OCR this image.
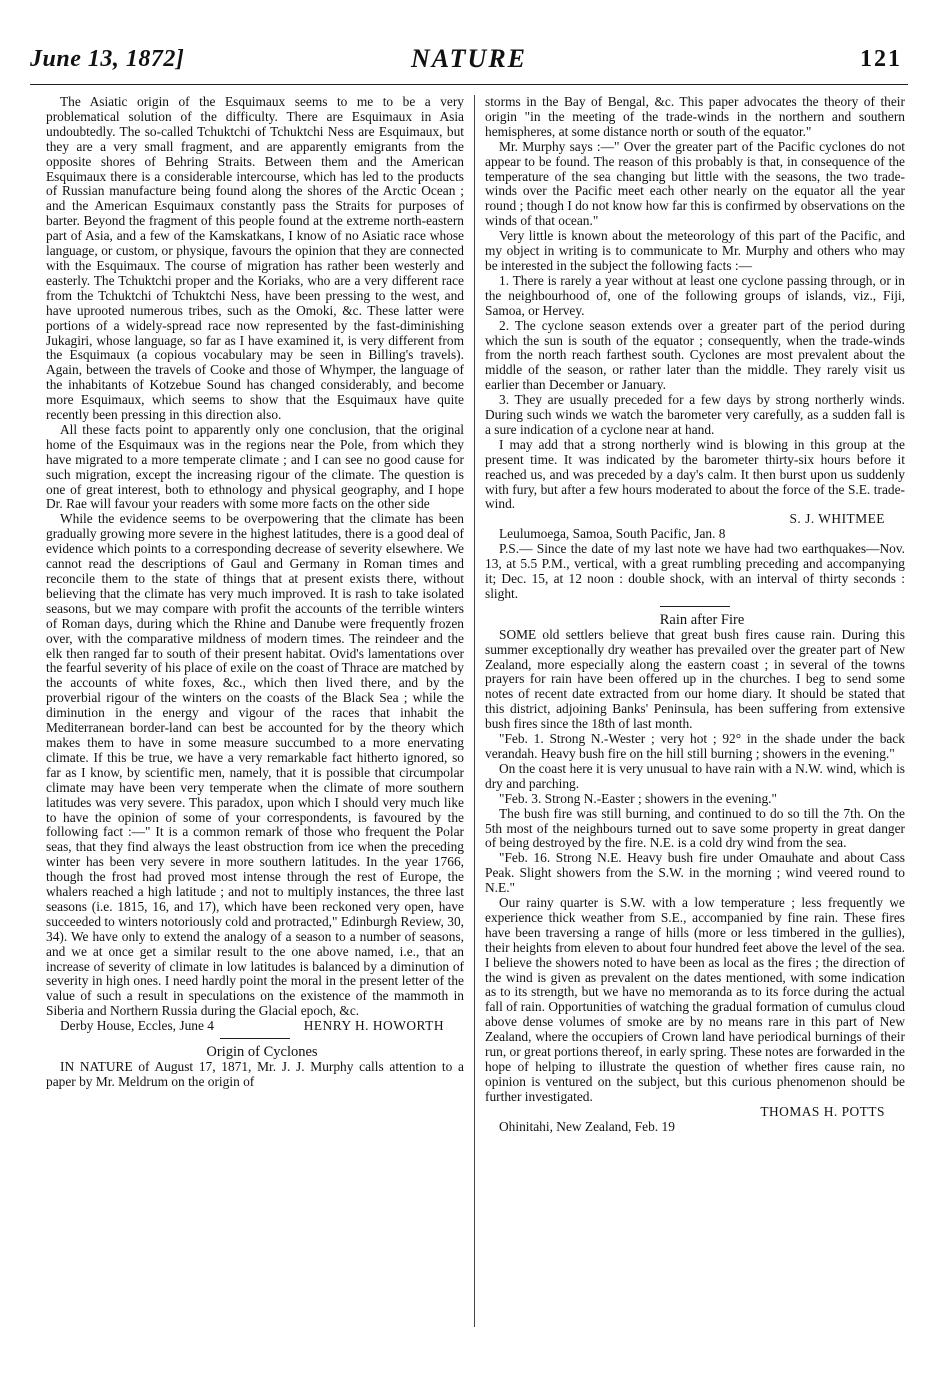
June 13, 1872]	NATURE	121

The Asiatic origin of the Esquimaux seems to me to be a very problematical solution of the difficulty. There are Esquimaux in Asia undoubtedly. The so-called Tchuktchi of Tchuktchi Ness are Esquimaux, but they are a very small fragment, and are apparently emigrants from the opposite shores of Behring Straits. Between them and the American Esquimaux there is a considerable intercourse, which has led to the products of Russian manufacture being found along the shores of the Arctic Ocean ; and the American Esquimaux constantly pass the Straits for purposes of barter. Beyond the fragment of this people found at the extreme north-eastern part of Asia, and a few of the Kamskatkans, I know of no Asiatic race whose language, or custom, or physique, favours the opinion that they are connected with the Esquimaux. The course of migration has rather been westerly and easterly. The Tchuktchi proper and the Koriaks, who are a very different race from the Tchuktchi of Tchuktchi Ness, have been pressing to the west, and have uprooted numerous tribes, such as the Omoki, &c. These latter were portions of a widely-spread race now represented by the fast-diminishing Jukagiri, whose language, so far as I have examined it, is very different from the Esquimaux (a copious vocabulary may be seen in Billing's travels). Again, between the travels of Cooke and those of Whymper, the language of the inhabitants of Kotzebue Sound has changed considerably, and become more Esquimaux, which seems to show that the Esquimaux have quite recently been pressing in this direction also.

All these facts point to apparently only one conclusion, that the original home of the Esquimaux was in the regions near the Pole, from which they have migrated to a more temperate climate ; and I can see no good cause for such migration, except the increasing rigour of the climate. The question is one of great interest, both to ethnology and physical geography, and I hope Dr. Rae will favour your readers with some more facts on the other side

While the evidence seems to be overpowering that the climate has been gradually growing more severe in the highest latitudes, there is a good deal of evidence which points to a corresponding decrease of severity elsewhere. We cannot read the descriptions of Gaul and Germany in Roman times and reconcile them to the state of things that at present exists there, without believing that the climate has very much improved. It is rash to take isolated seasons, but we may compare with profit the accounts of the terrible winters of Roman days, during which the Rhine and Danube were frequently frozen over, with the comparative mildness of modern times. The reindeer and the elk then ranged far to south of their present habitat. Ovid's lamentations over the fearful severity of his place of exile on the coast of Thrace are matched by the accounts of white foxes, &c., which then lived there, and by the proverbial rigour of the winters on the coasts of the Black Sea ; while the diminution in the energy and vigour of the races that inhabit the Mediterranean border-land can best be accounted for by the theory which makes them to have in some measure succumbed to a more enervating climate. If this be true, we have a very remarkable fact hitherto ignored, so far as I know, by scientific men, namely, that it is possible that circumpolar climate may have been very temperate when the climate of more southern latitudes was very severe. This paradox, upon which I should very much like to have the opinion of some of your correspondents, is favoured by the following fact :—" It is a common remark of those who frequent the Polar seas, that they find always the least obstruction from ice when the preceding winter has been very severe in more southern latitudes. In the year 1766, though the frost had proved most intense through the rest of Europe, the whalers reached a high latitude ; and not to multiply instances, the three last seasons (i.e. 1815, 16, and 17), which have been reckoned very open, have succeeded to winters notoriously cold and protracted," Edinburgh Review, 30, 34). We have only to extend the analogy of a season to a number of seasons, and we at once get a similar result to the one above named, i.e., that an increase of severity of climate in low latitudes is balanced by a diminution of severity in high ones. I need hardly point the moral in the present letter of the value of such a result in speculations on the existence of the mammoth in Siberia and Northern Russia during the Glacial epoch, &c.

Derby House, Eccles, June 4	HENRY H. HOWORTH

Origin of Cyclones

IN NATURE of August 17, 1871, Mr. J. J. Murphy calls attention to a paper by Mr. Meldrum on the origin of

storms in the Bay of Bengal, &c. This paper advocates the theory of their origin "in the meeting of the trade-winds in the northern and southern hemispheres, at some distance north or south of the equator."

Mr. Murphy says :—" Over the greater part of the Pacific cyclones do not appear to be found. The reason of this probably is that, in consequence of the temperature of the sea changing but little with the seasons, the two trade-winds over the Pacific meet each other nearly on the equator all the year round ; though I do not know how far this is confirmed by observations on the winds of that ocean."

Very little is known about the meteorology of this part of the Pacific, and my object in writing is to communicate to Mr. Murphy and others who may be interested in the subject the following facts :—

1. There is rarely a year without at least one cyclone passing through, or in the neighbourhood of, one of the following groups of islands, viz., Fiji, Samoa, or Hervey.

2. The cyclone season extends over a greater part of the period during which the sun is south of the equator ; consequently, when the trade-winds from the north reach farthest south. Cyclones are most prevalent about the middle of the season, or rather later than the middle. They rarely visit us earlier than December or January.

3. They are usually preceded for a few days by strong northerly winds. During such winds we watch the barometer very carefully, as a sudden fall is a sure indication of a cyclone near at hand.

I may add that a strong northerly wind is blowing in this group at the present time. It was indicated by the barometer thirty-six hours before it reached us, and was preceded by a day's calm. It then burst upon us suddenly with fury, but after a few hours moderated to about the force of the S.E. trade-wind.

S. J. WHITMEE

Leulumoega, Samoa, South Pacific, Jan. 8

P.S.— Since the date of my last note we have had two earthquakes—Nov. 13, at 5.5 P.M., vertical, with a great rumbling preceding and accompanying it; Dec. 15, at 12 noon : double shock, with an interval of thirty seconds : slight.

Rain after Fire

SOME old settlers believe that great bush fires cause rain. During this summer exceptionally dry weather has prevailed over the greater part of New Zealand, more especially along the eastern coast ; in several of the towns prayers for rain have been offered up in the churches. I beg to send some notes of recent date extracted from our home diary. It should be stated that this district, adjoining Banks' Peninsula, has been suffering from extensive bush fires since the 18th of last month.

"Feb. 1. Strong N.-Wester ; very hot ; 92° in the shade under the back verandah. Heavy bush fire on the hill still burning ; showers in the evening."

On the coast here it is very unusual to have rain with a N.W. wind, which is dry and parching.

"Feb. 3. Strong N.-Easter ; showers in the evening."

The bush fire was still burning, and continued to do so till the 7th. On the 5th most of the neighbours turned out to save some property in great danger of being destroyed by the fire. N.E. is a cold dry wind from the sea.

"Feb. 16. Strong N.E. Heavy bush fire under Omauhate and about Cass Peak. Slight showers from the S.W. in the morning ; wind veered round to N.E."

Our rainy quarter is S.W. with a low temperature ; less frequently we experience thick weather from S.E., accompanied by fine rain. These fires have been traversing a range of hills (more or less timbered in the gullies), their heights from eleven to about four hundred feet above the level of the sea. I believe the showers noted to have been as local as the fires ; the direction of the wind is given as prevalent on the dates mentioned, with some indication as to its strength, but we have no memoranda as to its force during the actual fall of rain. Opportunities of watching the gradual formation of cumulus cloud above dense volumes of smoke are by no means rare in this part of New Zealand, where the occupiers of Crown land have periodical burnings of their run, or great portions thereof, in early spring. These notes are forwarded in the hope of helping to illustrate the question of whether fires cause rain, no opinion is ventured on the subject, but this curious phenomenon should be further investigated.

THOMAS H. POTTS

Ohinitahi, New Zealand, Feb. 19
